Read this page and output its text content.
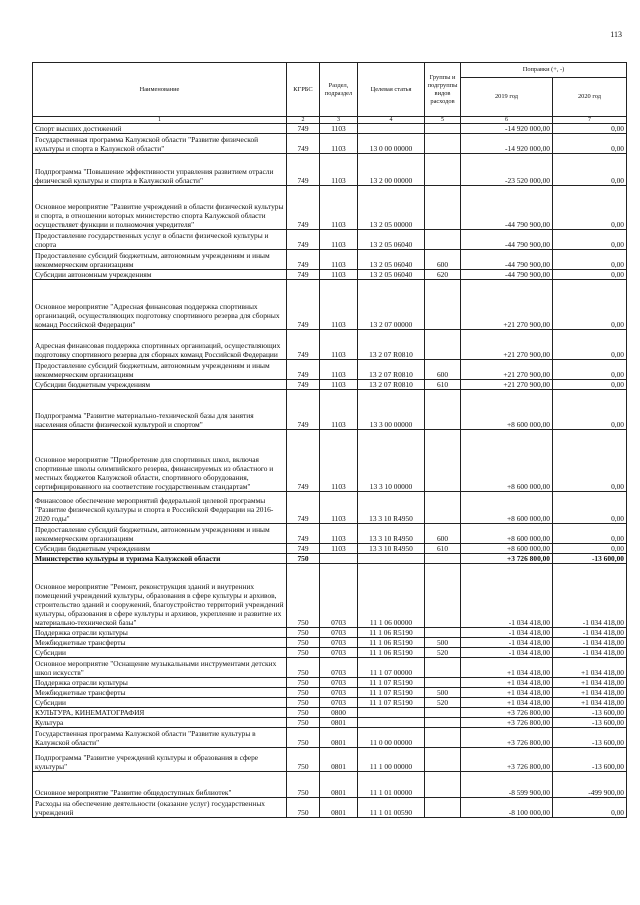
113
Наименование	КГРБС	Раздел, подраздел	Целевая статья	Группы и подгруппы видов расходов	Поправки (+, -)	
					2019 год	2020 год
1	2	3	4	5	6	7
Спорт высших достижений	749	1103			-14 920 000,00	0,00
Государственная программа Калужской области "Развитие физической культуры и спорта в Калужской области"	749	1103	13 0 00 00000		-14 920 000,00	0,00
Подпрограмма "Повышение эффективности управления развитием отрасли физической культуры и спорта в Калужской области"	749	1103	13 2 00 00000		-23 520 000,00	0,00
Основное мероприятие "Развитие учреждений в области физической культуры и спорта, в отношении которых министерство спорта Калужской области осуществляет функции и полномочия учредителя"	749	1103	13 2 05 00000		-44 790 900,00	0,00
Предоставление государственных услуг в области физической культуры и спорта	749	1103	13 2 05 06040		-44 790 900,00	0,00
Предоставление субсидий бюджетным, автономным учреждениям и иным некоммерческим организациям	749	1103	13 2 05 06040	600	-44 790 900,00	0,00
Субсидии автономным учреждениям	749	1103	13 2 05 06040	620	-44 790 900,00	0,00
Основное мероприятие "Адресная финансовая поддержка спортивных организаций, осуществляющих подготовку спортивного резерва для сборных команд Российской Федерации"	749	1103	13 2 07 00000		+21 270 900,00	0,00
Адресная финансовая поддержка спортивных организаций, осуществляющих подготовку спортивного резерва для сборных команд Российской Федерации	749	1103	13 2 07 R0810		+21 270 900,00	0,00
Предоставление субсидий бюджетным, автономным учреждениям и иным некоммерческим организациям	749	1103	13 2 07 R0810	600	+21 270 900,00	0,00
Субсидии бюджетным учреждениям	749	1103	13 2 07 R0810	610	+21 270 900,00	0,00
Подпрограмма "Развитие материально-технической базы для занятия населения области физической культурой и спортом"	749	1103	13 3 00 00000		+8 600 000,00	0,00
Основное мероприятие "Приобретение для спортивных школ, включая спортивные школы олимпийского резерва, финансируемых из областного и местных бюджетов Калужской области, спортивного оборудования, сертифицированного на соответствие государственным стандартам"	749	1103	13 3 10 00000		+8 600 000,00	0,00
Финансовое обеспечение мероприятий федеральной целевой программы "Развитие физической культуры и спорта в Российской Федерации на 2016-2020 годы"	749	1103	13 3 10 R4950		+8 600 000,00	0,00
Предоставление субсидий бюджетным, автономным учреждениям и иным некоммерческим организациям	749	1103	13 3 10 R4950	600	+8 600 000,00	0,00
Субсидии бюджетным учреждениям	749	1103	13 3 10 R4950	610	+8 600 000,00	0,00
Министерство культуры и туризма Калужской области	750				+3 726 800,00	-13 600,00
Основное мероприятие "Ремонт, реконструкция зданий и внутренних помещений учреждений культуры, образования в сфере культуры и архивов, строительство зданий и сооружений, благоустройство территорий учреждений культуры, образования в сфере культуры и архивов, укрепление и развитие их материально-технической базы"	750	0703	11 1 06 00000		-1 034 418,00	-1 034 418,00
Поддержка отрасли культуры	750	0703	11 1 06 R5190		-1 034 418,00	-1 034 418,00
Межбюджетные трансферты	750	0703	11 1 06 R5190	500	-1 034 418,00	-1 034 418,00
Субсидии	750	0703	11 1 06 R5190	520	-1 034 418,00	-1 034 418,00
Основное мероприятие "Оснащение музыкальными инструментами детских школ искусств"	750	0703	11 1 07 00000		+1 034 418,00	+1 034 418,00
Поддержка отрасли культуры	750	0703	11 1 07 R5190		+1 034 418,00	+1 034 418,00
Межбюджетные трансферты	750	0703	11 1 07 R5190	500	+1 034 418,00	+1 034 418,00
Субсидии	750	0703	11 1 07 R5190	520	+1 034 418,00	+1 034 418,00
КУЛЬТУРА, КИНЕМАТОГРАФИЯ	750	0800			+3 726 800,00	-13 600,00
Культура	750	0801			+3 726 800,00	-13 600,00
Государственная программа Калужской области "Развитие культуры в Калужской области"	750	0801	11 0 00 00000		+3 726 800,00	-13 600,00
Подпрограмма "Развитие учреждений культуры и образования в сфере культуры"	750	0801	11 1 00 00000		+3 726 800,00	-13 600,00
Основное мероприятие "Развитие общедоступных библиотек"	750	0801	11 1 01 00000		-8 599 900,00	-499 900,00
Расходы на обеспечение деятельности (оказание услуг) государственных учреждений	750	0801	11 1 01 00590		-8 100 000,00	0,00
